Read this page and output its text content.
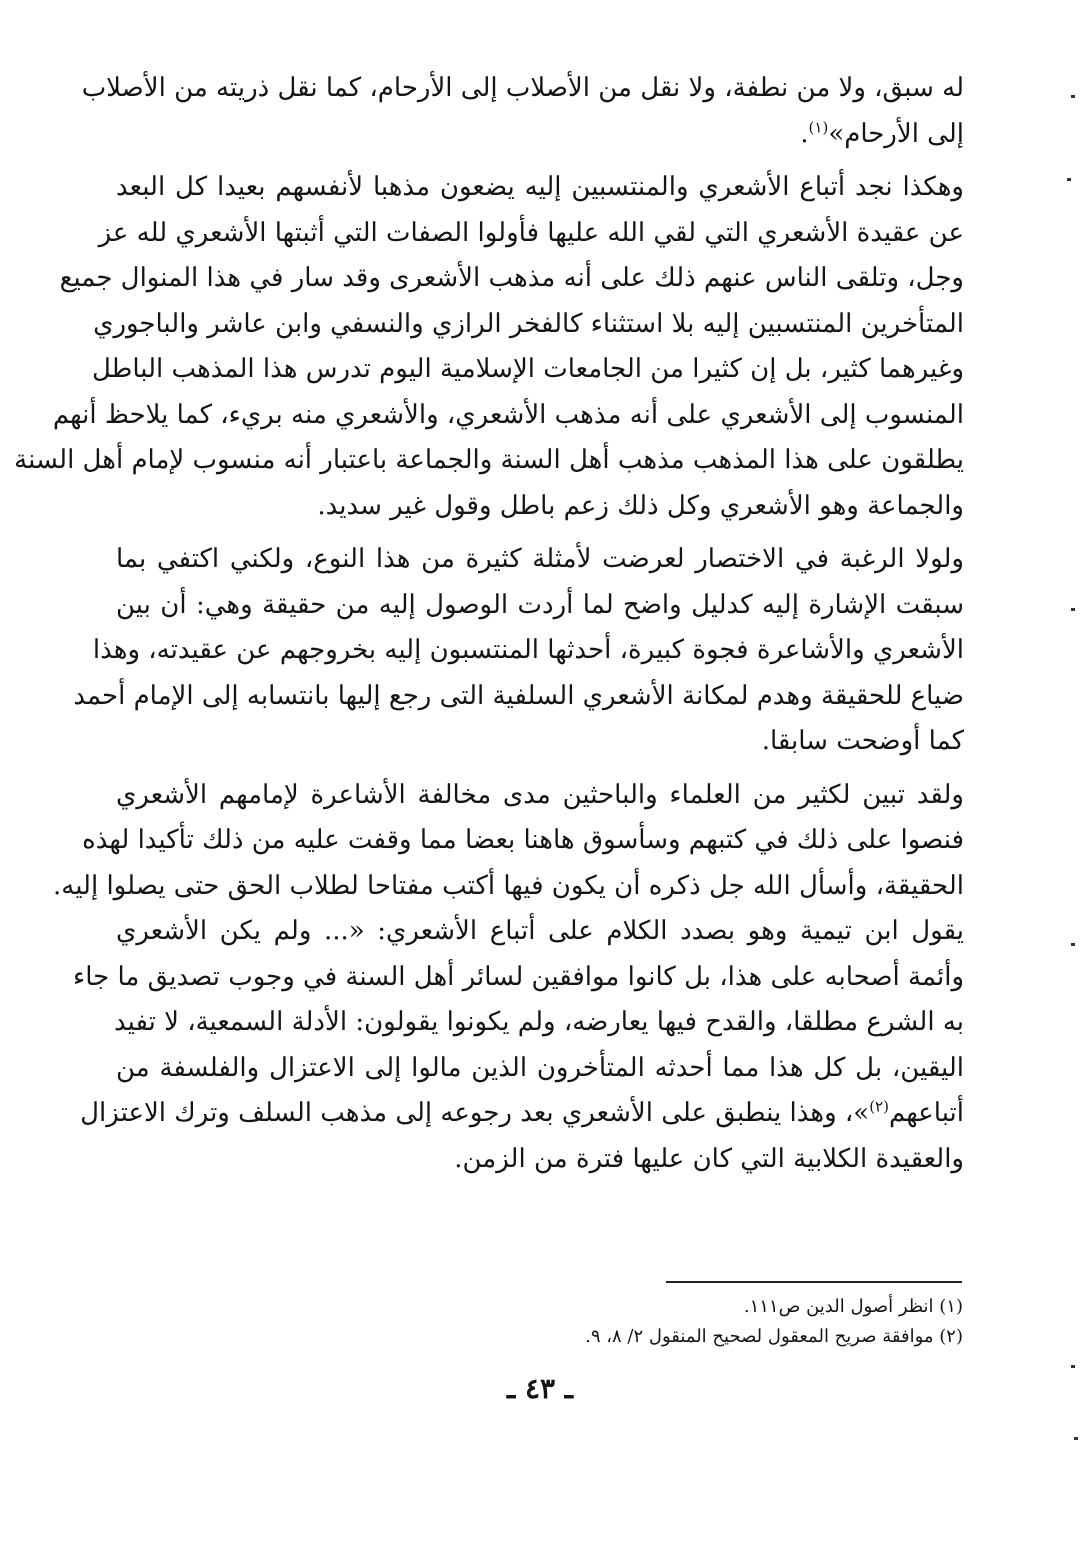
له سبق، ولا من نطفة، ولا نقل من الأصلاب إلى الأرحام، كما نقل ذريته من الأصلاب
إلى الأرحام»$^{(١)}$.
وهكذا نجد أتباع الأشعري والمنتسبين إليه يضعون مذهبا لأنفسهم بعيدا كل البعد
عن عقيدة الأشعري التي لقي الله عليها فأولوا الصفات التي أثبتها الأشعري لله عز
وجل، وتلقى الناس عنهم ذلك على أنه مذهب الأشعرى وقد سار في هذا المنوال جميع
المتأخرين المنتسبين إليه بلا استثناء كالفخر الرازي والنسفي وابن عاشر والباجوري
وغيرهما كثير، بل إن كثيرا من الجامعات الإسلامية اليوم تدرس هذا المذهب الباطل
المنسوب إلى الأشعري على أنه مذهب الأشعري، والأشعري منه بريء، كما يلاحظ أنهم
يطلقون على هذا المذهب مذهب أهل السنة والجماعة باعتبار أنه منسوب لإمام أهل السنة
والجماعة وهو الأشعري وكل ذلك زعم باطل وقول غير سديد.
ولولا الرغبة في الاختصار لعرضت لأمثلة كثيرة من هذا النوع، ولكني اكتفي بما
سبقت الإشارة إليه كدليل واضح لما أردت الوصول إليه من حقيقة وهي: أن بين
الأشعري والأشاعرة فجوة كبيرة، أحدثها المنتسبون إليه بخروجهم عن عقيدته، وهذا
ضياع للحقيقة وهدم لمكانة الأشعري السلفية التى رجع إليها بانتسابه إلى الإمام أحمد
كما أوضحت سابقا.
ولقد تبين لكثير من العلماء والباحثين مدى مخالفة الأشاعرة لإمامهم الأشعري
فنصوا على ذلك في كتبهم وسأسوق هاهنا بعضا مما وقفت عليه من ذلك تأكيدا لهذه
الحقيقة، وأسأل الله جل ذكره أن يكون فيها أكتب مفتاحا لطلاب الحق حتى يصلوا إليه.
يقول ابن تيمية وهو بصدد الكلام على أتباع الأشعري: «... ولم يكن الأشعري
وأئمة أصحابه على هذا، بل كانوا موافقين لسائر أهل السنة في وجوب تصديق ما جاء
به الشرع مطلقا، والقدح فيها يعارضه، ولم يكونوا يقولون: الأدلة السمعية، لا تفيد
اليقين، بل كل هذا مما أحدثه المتأخرون الذين مالوا إلى الاعتزال والفلسفة من
أتباعهم$^{(٢)}$»، وهذا ينطبق على الأشعري بعد رجوعه إلى مذهب السلف وترك الاعتزال
والعقيدة الكلابية التي كان عليها فترة من الزمن.
(١) انظر أصول الدين ص١١١.
(٢) موافقة صريح المعقول لصحيح المنقول ٢/ ٨، ٩.
ـ ٤٣ ـ
